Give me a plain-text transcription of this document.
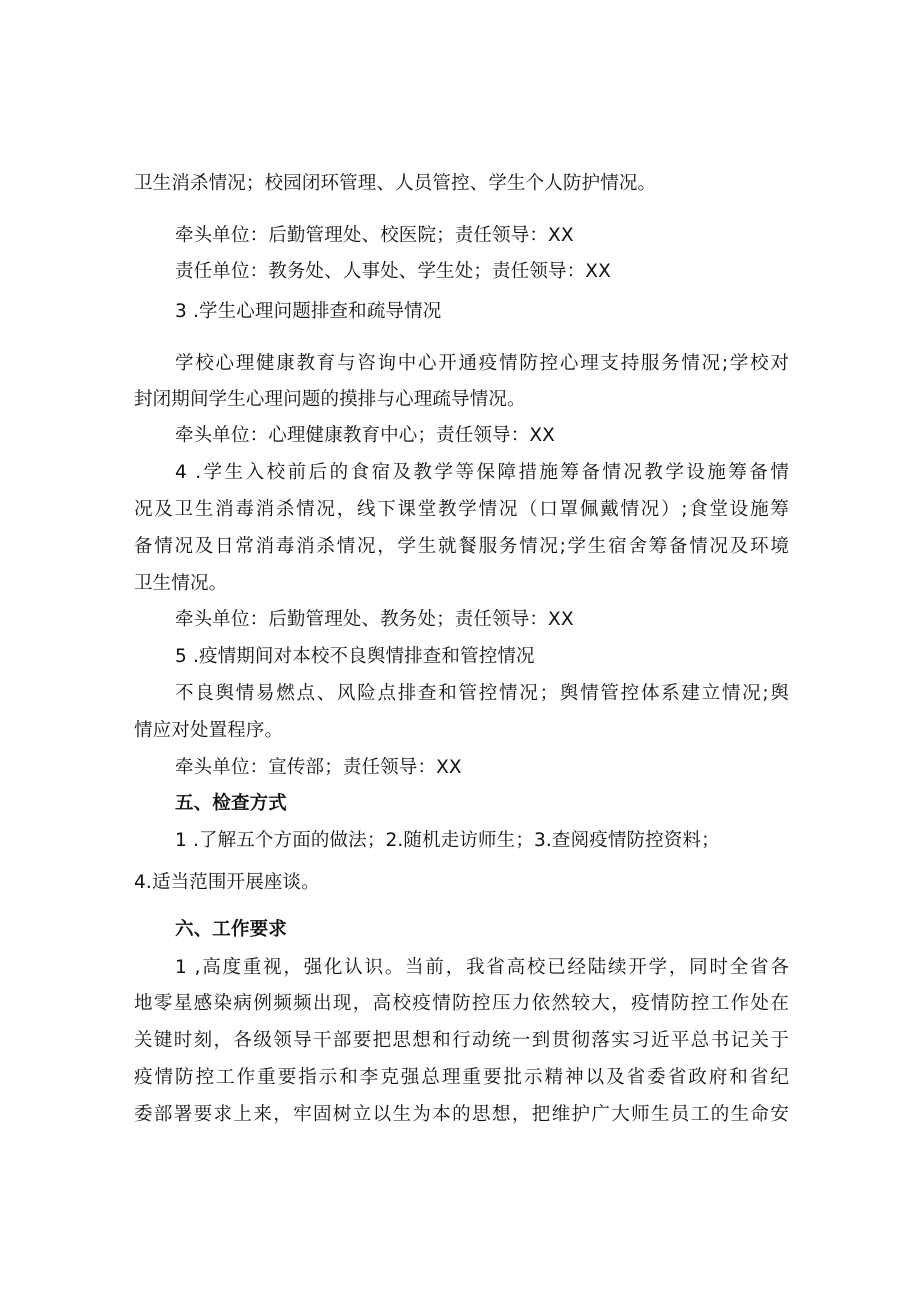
卫生消杀情况；校园闭环管理、人员管控、学生个人防护情况。
牵头单位：后勤管理处、校医院；责任领导：XX
责任单位：教务处、人事处、学生处；责任领导：XX
3 .学生心理问题排查和疏导情况
学校心理健康教育与咨询中心开通疫情防控心理支持服务情况;学校对
封闭期间学生心理问题的摸排与心理疏导情况。
牵头单位：心理健康教育中心；责任领导：XX
4 .学生入校前后的食宿及教学等保障措施筹备情况教学设施筹备情
况及卫生消毒消杀情况，线下课堂教学情况（口罩佩戴情况）;食堂设施筹
备情况及日常消毒消杀情况，学生就餐服务情况;学生宿舍筹备情况及环境
卫生情况。
牵头单位：后勤管理处、教务处；责任领导：XX
5 .疫情期间对本校不良舆情排查和管控情况
不良舆情易燃点、风险点排查和管控情况；舆情管控体系建立情况;舆
情应对处置程序。
牵头单位：宣传部；责任领导：XX
五、检查方式
1 .了解五个方面的做法；2.随机走访师生；3.查阅疫情防控资料；
4.适当范围开展座谈。
六、工作要求
1 ,高度重视，强化认识。当前，我省高校已经陆续开学，同时全省各
地零星感染病例频频出现，高校疫情防控压力依然较大，疫情防控工作处在
关键时刻，各级领导干部要把思想和行动统一到贯彻落实习近平总书记关于
疫情防控工作重要指示和李克强总理重要批示精神以及省委省政府和省纪
委部署要求上来，牢固树立以生为本的思想，把维护广大师生员工的生命安
